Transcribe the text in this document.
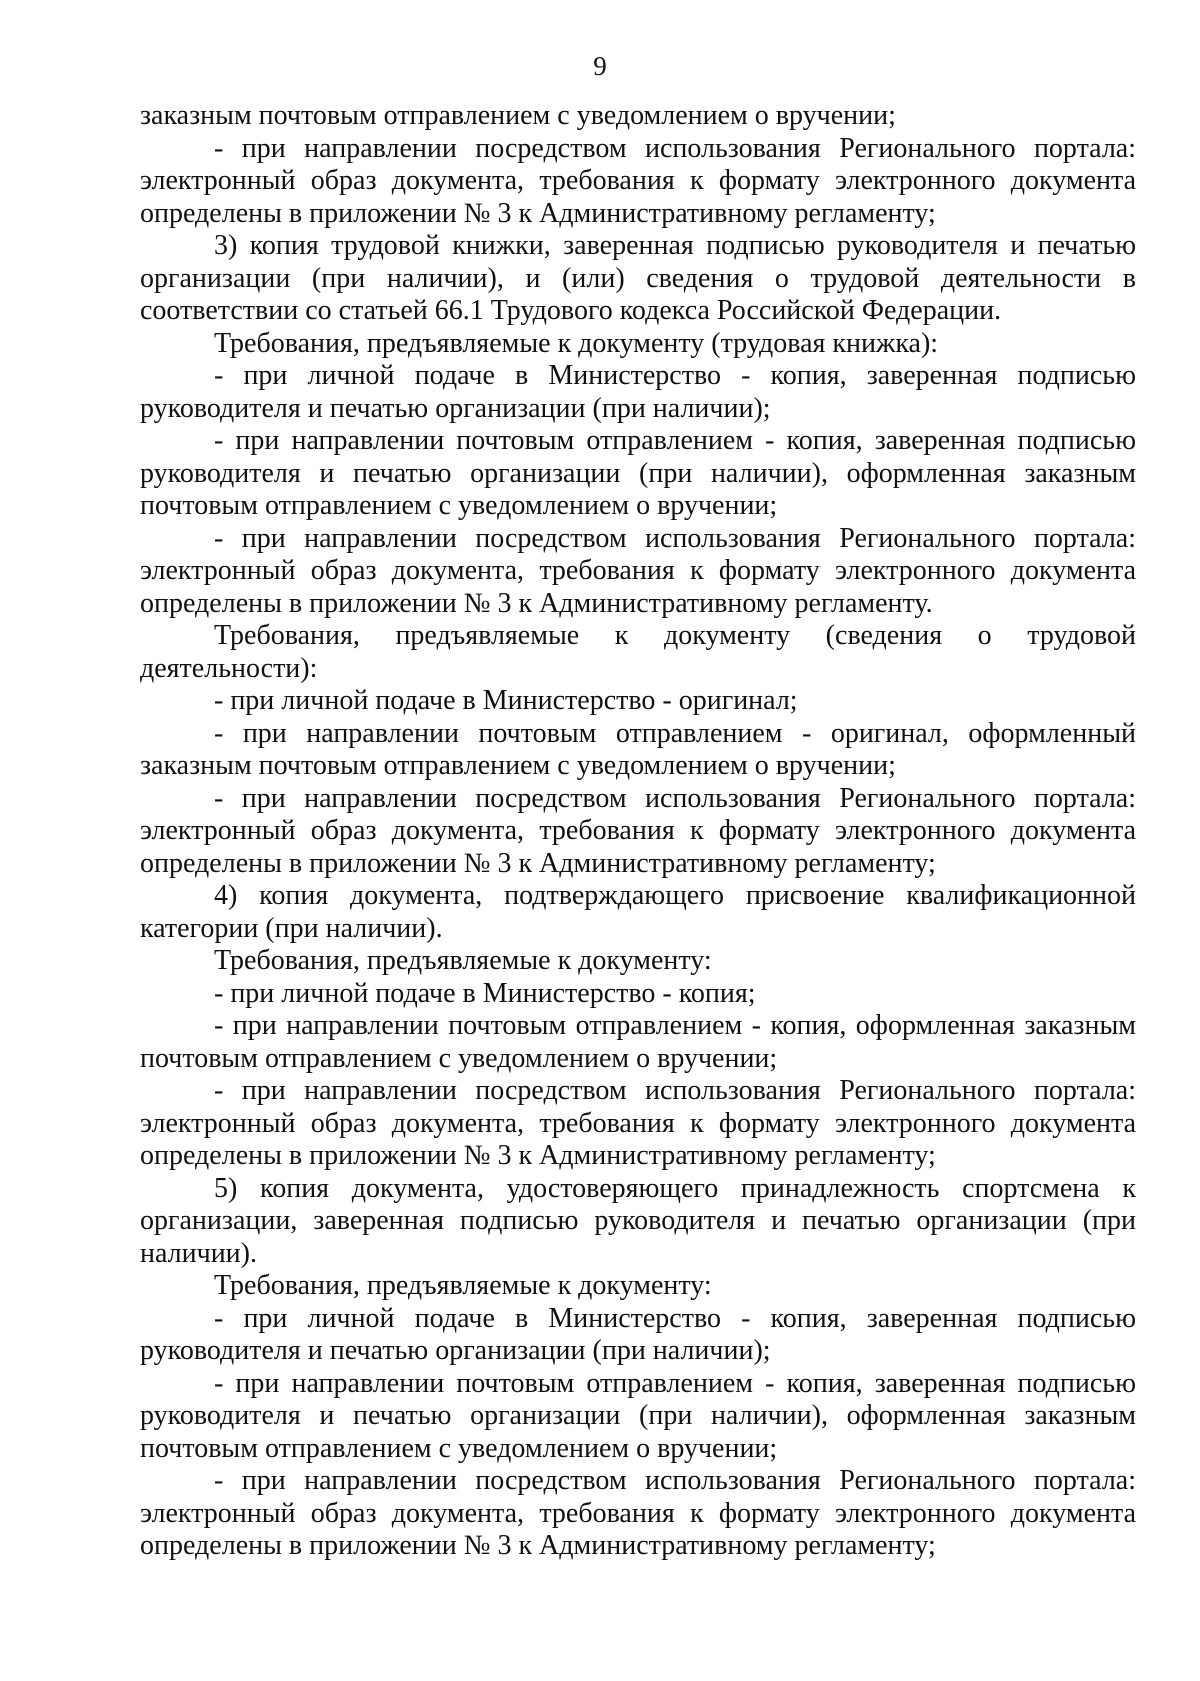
9

заказным почтовым отправлением с уведомлением о вручении;

- при направлении посредством использования Регионального портала: электронный образ документа, требования к формату электронного документа определены в приложении № 3 к Административному регламенту;

3) копия трудовой книжки, заверенная подписью руководителя и печатью организации (при наличии), и (или) сведения о трудовой деятельности в соответствии со статьей 66.1 Трудового кодекса Российской Федерации.

Требования, предъявляемые к документу (трудовая книжка):

- при личной подаче в Министерство - копия, заверенная подписью руководителя и печатью организации (при наличии);

- при направлении почтовым отправлением - копия, заверенная подписью руководителя и печатью организации (при наличии), оформленная заказным почтовым отправлением с уведомлением о вручении;

- при направлении посредством использования Регионального портала: электронный образ документа, требования к формату электронного документа определены в приложении № 3 к Административному регламенту.

Требования, предъявляемые к документу (сведения о трудовой деятельности):

- при личной подаче в Министерство - оригинал;

- при направлении почтовым отправлением - оригинал, оформленный заказным почтовым отправлением с уведомлением о вручении;

- при направлении посредством использования Регионального портала: электронный образ документа, требования к формату электронного документа определены в приложении № 3 к Административному регламенту;

4) копия документа, подтверждающего присвоение квалификационной категории (при наличии).

Требования, предъявляемые к документу:

- при личной подаче в Министерство - копия;

- при направлении почтовым отправлением - копия, оформленная заказным почтовым отправлением с уведомлением о вручении;

- при направлении посредством использования Регионального портала: электронный образ документа, требования к формату электронного документа определены в приложении № 3 к Административному регламенту;

5) копия документа, удостоверяющего принадлежность спортсмена к организации, заверенная подписью руководителя и печатью организации (при наличии).

Требования, предъявляемые к документу:

- при личной подаче в Министерство - копия, заверенная подписью руководителя и печатью организации (при наличии);

- при направлении почтовым отправлением - копия, заверенная подписью руководителя и печатью организации (при наличии), оформленная заказным почтовым отправлением с уведомлением о вручении;

- при направлении посредством использования Регионального портала: электронный образ документа, требования к формату электронного документа определены в приложении № 3 к Административному регламенту;
